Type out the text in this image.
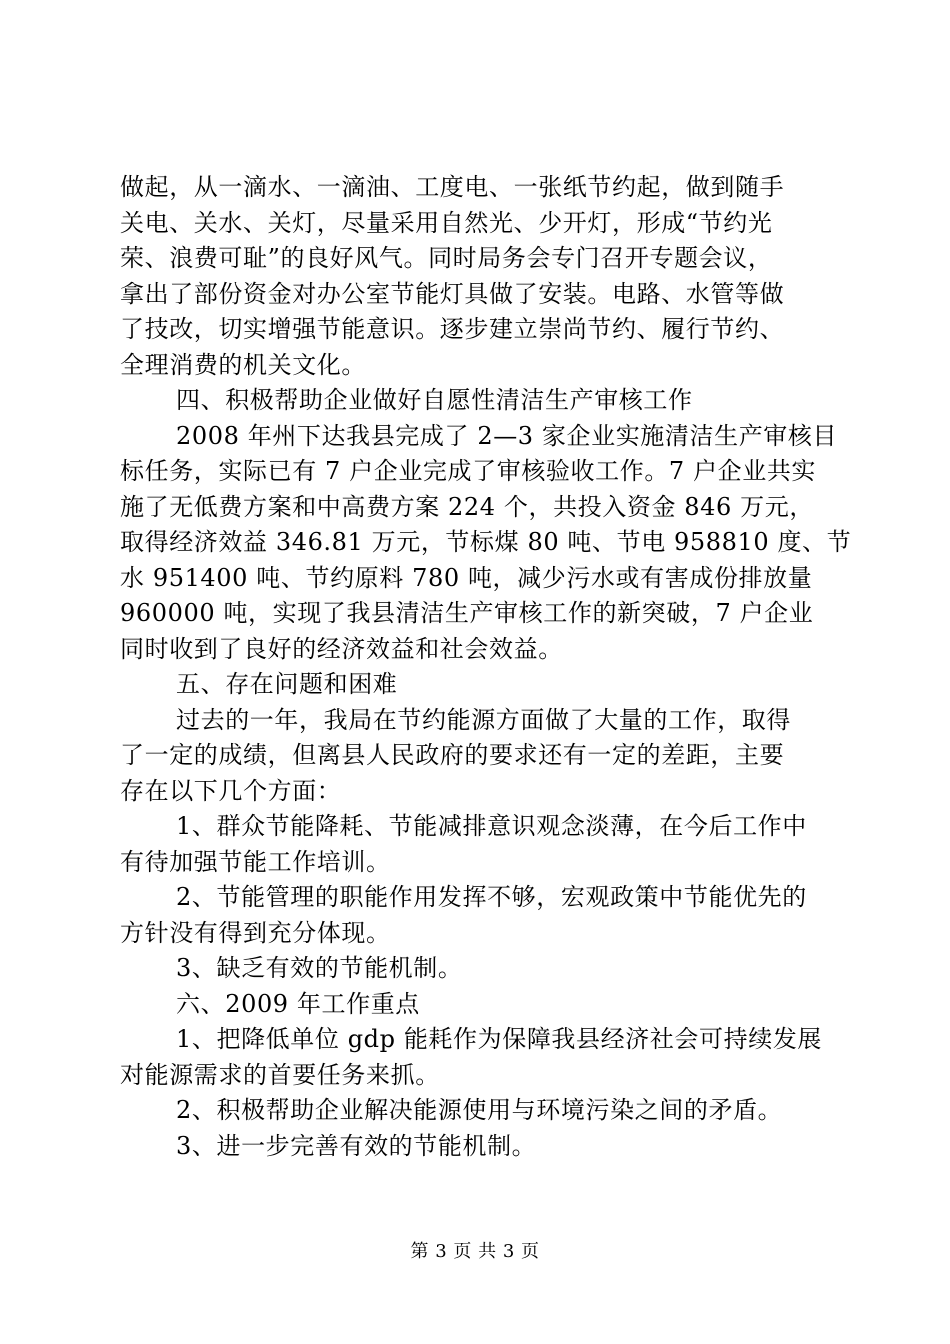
做起，从一滴水、一滴油、工度电、一张纸节约起，做到随手
关电、关水、关灯，尽量采用自然光、少开灯，形成“节约光
荣、浪费可耻”的良好风气。同时局务会专门召开专题会议，
拿出了部份资金对办公室节能灯具做了安装。电路、水管等做
了技改，切实增强节能意识。逐步建立崇尚节约、履行节约、
全理消费的机关文化。
四、积极帮助企业做好自愿性清洁生产审核工作
2008 年州下达我县完成了 2—3 家企业实施清洁生产审核目
标任务，实际已有 7 户企业完成了审核验收工作。7 户企业共实
施了无低费方案和中高费方案 224 个，共投入资金 846 万元，
取得经济效益 346.81 万元，节标煤 80 吨、节电 958810 度、节
水 951400 吨、节约原料 780 吨，减少污水或有害成份排放量
960000 吨，实现了我县清洁生产审核工作的新突破，7 户企业
同时收到了良好的经济效益和社会效益。
五、存在问题和困难
过去的一年，我局在节约能源方面做了大量的工作，取得
了一定的成绩，但离县人民政府的要求还有一定的差距，主要
存在以下几个方面：
1、群众节能降耗、节能减排意识观念淡薄，在今后工作中
有待加强节能工作培训。
2、节能管理的职能作用发挥不够，宏观政策中节能优先的
方针没有得到充分体现。
3、缺乏有效的节能机制。
六、2009 年工作重点
1、把降低单位 gdp 能耗作为保障我县经济社会可持续发展
对能源需求的首要任务来抓。
2、积极帮助企业解决能源使用与环境污染之间的矛盾。
3、进一步完善有效的节能机制。
第 3 页 共 3 页
